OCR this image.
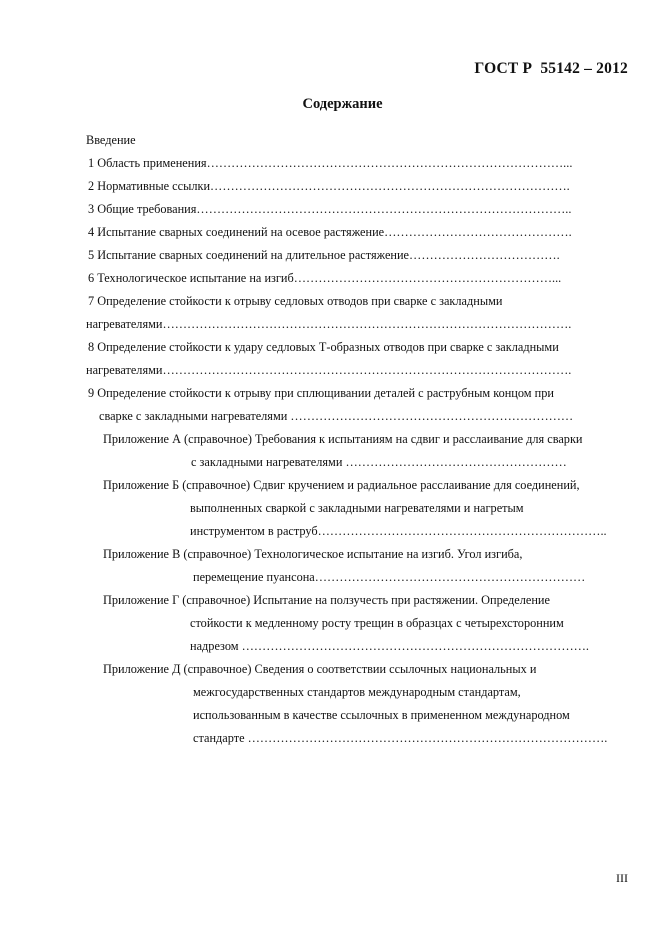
ГОСТ Р  55142 – 2012
Содержание
Введение
1 Область применения……………………………………………………………………………...
2 Нормативные ссылки…………………………………………………………………………….
3 Общие требования………………………………………………………………………………..
4 Испытание сварных соединений на осевое растяжение……………………………………….
5 Испытание сварных соединений на длительное растяжение……………………………….
6 Технологическое испытание на изгиб………………………………………………………...
7 Определение стойкости к отрыву седловых отводов при сварке с закладными
нагревателями……………………………………………………………………………………….
8 Определение стойкости к удару седловых Т-образных отводов при сварке с закладными
нагревателями……………………………………………………………………………………….
9 Определение стойкости к отрыву при сплющивании деталей с раструбным концом при
сварке с закладными нагревателями ……………………………………………………………
Приложение А (справочное) Требования к испытаниям на сдвиг и расслаивание для сварки
с закладными нагревателями ………………………………………………
Приложение Б (справочное) Сдвиг кручением и радиальное расслаивание для соединений,
выполненных сваркой с закладными нагревателями и нагретым
инструментом в раструб……………………………………………………………..
Приложение В (справочное) Технологическое испытание на изгиб. Угол изгиба,
перемещение пуансона…………………………………………………………
Приложение Г (справочное) Испытание на ползучесть при растяжении. Определение
стойкости к медленному росту трещин в образцах с четырехсторонним
надрезом ………………………………………………………………………….
Приложение Д (справочное) Сведения о соответствии ссылочных национальных и
межгосударственных стандартов международным стандартам,
использованным в качестве ссылочных в примененном международном
стандарте …………………………………………………………………………….
III
